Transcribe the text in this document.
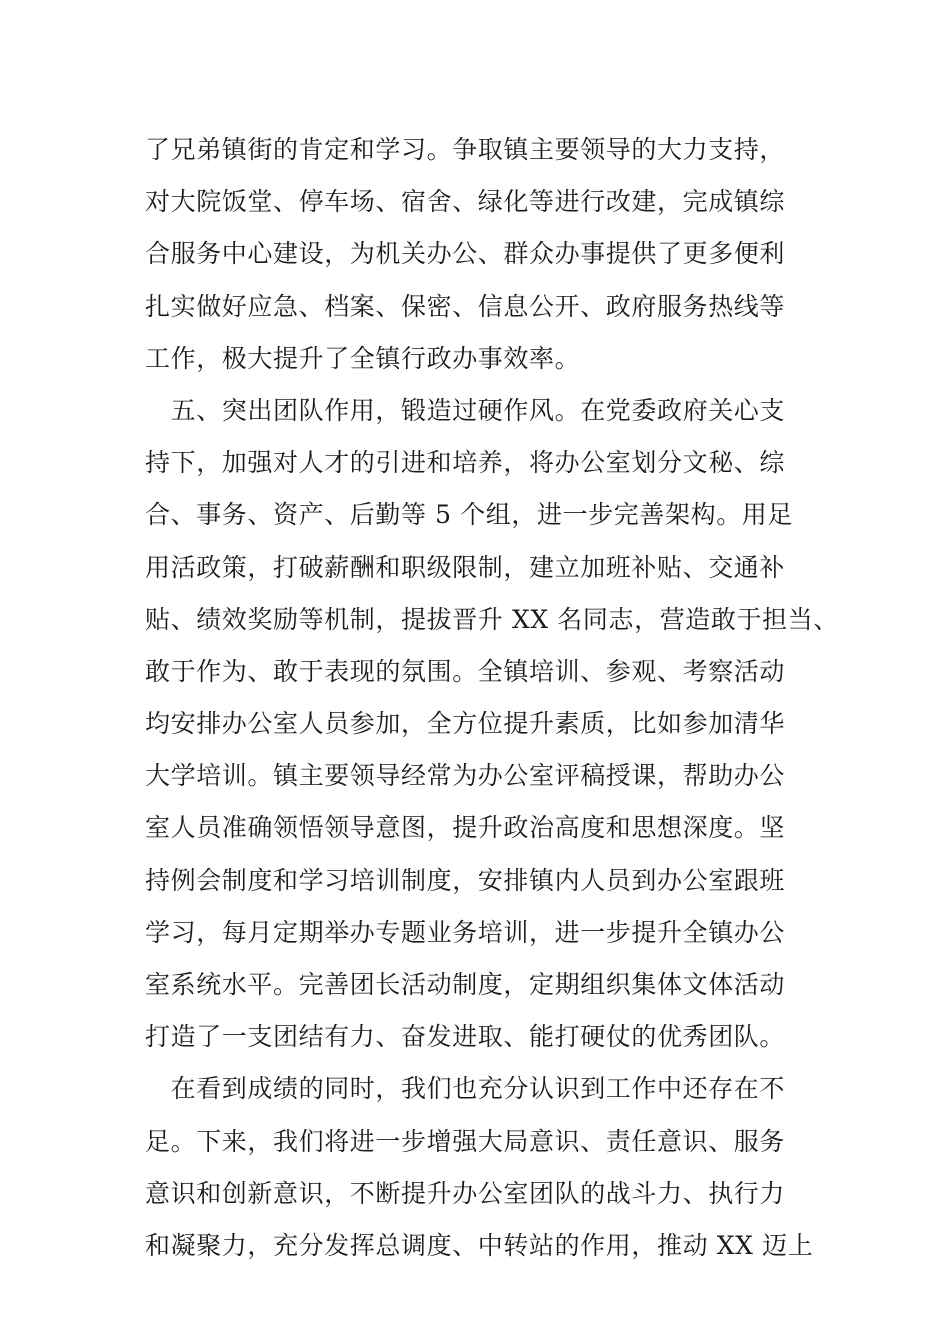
了兄弟镇街的肯定和学习。争取镇主要领导的大力支持，
对大院饭堂、停车场、宿舍、绿化等进行改建，完成镇综
合服务中心建设，为机关办公、群众办事提供了更多便利
扎实做好应急、档案、保密、信息公开、政府服务热线等
工作，极大提升了全镇行政办事效率。
　五、突出团队作用，锻造过硬作风。在党委政府关心支
持下，加强对人才的引进和培养，将办公室划分文秘、综
合、事务、资产、后勤等 5 个组，进一步完善架构。用足
用活政策，打破薪酬和职级限制，建立加班补贴、交通补
贴、绩效奖励等机制，提拔晋升 XX 名同志，营造敢于担当、
敢于作为、敢于表现的氛围。全镇培训、参观、考察活动
均安排办公室人员参加，全方位提升素质，比如参加清华
大学培训。镇主要领导经常为办公室评稿授课，帮助办公
室人员准确领悟领导意图，提升政治高度和思想深度。坚
持例会制度和学习培训制度，安排镇内人员到办公室跟班
学习，每月定期举办专题业务培训，进一步提升全镇办公
室系统水平。完善团长活动制度，定期组织集体文体活动
打造了一支团结有力、奋发进取、能打硬仗的优秀团队。
　在看到成绩的同时，我们也充分认识到工作中还存在不
足。下来，我们将进一步增强大局意识、责任意识、服务
意识和创新意识，不断提升办公室团队的战斗力、执行力
和凝聚力，充分发挥总调度、中转站的作用，推动 XX 迈上
